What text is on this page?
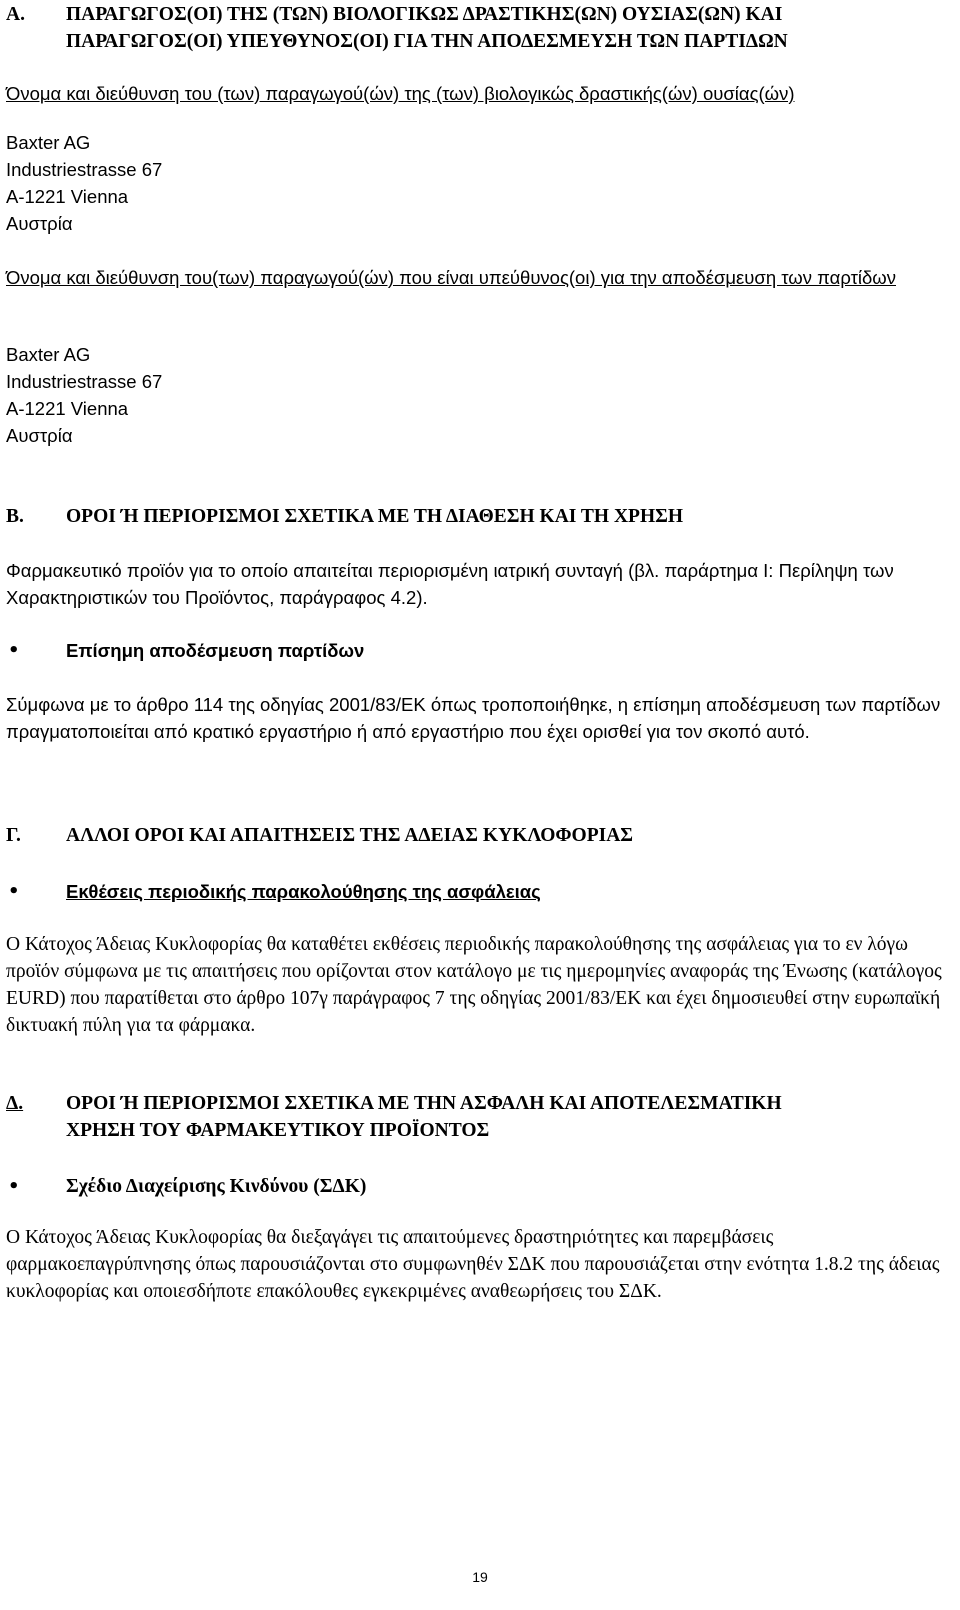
A. ΠΑΡΑΓΩΓΟΣ(ΟΙ) ΤΗΣ (ΤΩΝ) ΒΙΟΛΟΓΙΚΩΣ ΔΡΑΣΤΙΚΗΣ(ΩΝ) ΟΥΣΙΑΣ(ΩΝ) ΚΑΙ
ΠΑΡΑΓΩΓΟΣ(ΟΙ) ΥΠΕΥΘΥΝΟΣ(ΟΙ) ΓΙΑ ΤΗΝ ΑΠΟΔΕΣΜΕΥΣΗ ΤΩΝ ΠΑΡΤΙΔΩΝ

Όνομα και διεύθυνση του (των) παραγωγού(ών) της (των) βιολογικώς δραστικής(ών) ουσίας(ών)

Baxter AG
Industriestrasse 67
A-1221 Vienna
Αυστρία

Όνομα και διεύθυνση του(των) παραγωγού(ών) που είναι υπεύθυνος(οι) για την αποδέσμευση των παρτίδων

Baxter AG
Industriestrasse 67
A-1221 Vienna
Αυστρία
B. ΟΡΟΙ Ή ΠΕΡΙΟΡΙΣΜΟΙ ΣΧΕΤΙΚΑ ΜΕ ΤΗ ΔΙΑΘΕΣΗ ΚΑΙ ΤΗ ΧΡΗΣΗ

Φαρμακευτικό προϊόν για το οποίο απαιτείται περιορισμένη ιατρική συνταγή (βλ. παράρτημα Ι: Περίληψη των Χαρακτηριστικών του Προϊόντος, παράγραφος 4.2).

•	Επίσημη αποδέσμευση παρτίδων

Σύμφωνα με το άρθρο 114 της οδηγίας 2001/83/ΕΚ όπως τροποποιήθηκε, η επίσημη αποδέσμευση των παρτίδων πραγματοποιείται από κρατικό εργαστήριο ή από εργαστήριο που έχει ορισθεί για τον σκοπό αυτό.

Γ. ΑΛΛΟΙ ΟΡΟΙ ΚΑΙ ΑΠΑΙΤΗΣΕΙΣ ΤΗΣ ΑΔΕΙΑΣ ΚΥΚΛΟΦΟΡΙΑΣ
•	Εκθέσεις περιοδικής παρακολούθησης της ασφάλειας

Ο Κάτοχος Άδειας Κυκλοφορίας θα καταθέτει εκθέσεις περιοδικής παρακολούθησης της ασφάλειας για το εν λόγω προϊόν σύμφωνα με τις απαιτήσεις που ορίζονται στον κατάλογο με τις ημερομηνίες αναφοράς της Ένωσης (κατάλογος EURD) που παρατίθεται στο άρθρο 107γ παράγραφος 7 της οδηγίας 2001/83/ΕΚ και έχει δημοσιευθεί στην ευρωπαϊκή δικτυακή πύλη για τα φάρμακα.

Δ. ΟΡΟΙ Ή ΠΕΡΙΟΡΙΣΜΟΙ ΣΧΕΤΙΚΑ ΜΕ ΤΗΝ ΑΣΦΑΛΗ ΚΑΙ ΑΠΟΤΕΛΕΣΜΑΤΙΚΗ
ΧΡΗΣΗ ΤΟΥ ΦΑΡΜΑΚΕΥΤΙΚΟΥ ΠΡΟΪΟΝΤΟΣ
• Σχέδιο Διαχείρισης Κινδύνου (ΣΔΚ)

Ο Κάτοχος Άδειας Κυκλοφορίας θα διεξαγάγει τις απαιτούμενες δραστηριότητες και παρεμβάσεις φαρμακοεπαγρύπνησης όπως παρουσιάζονται στο συμφωνηθέν ΣΔΚ που παρουσιάζεται στην ενότητα 1.8.2 της άδειας κυκλοφορίας και οποιεσδήποτε επακόλουθες εγκεκριμένες αναθεωρήσεις του ΣΔΚ.

19
